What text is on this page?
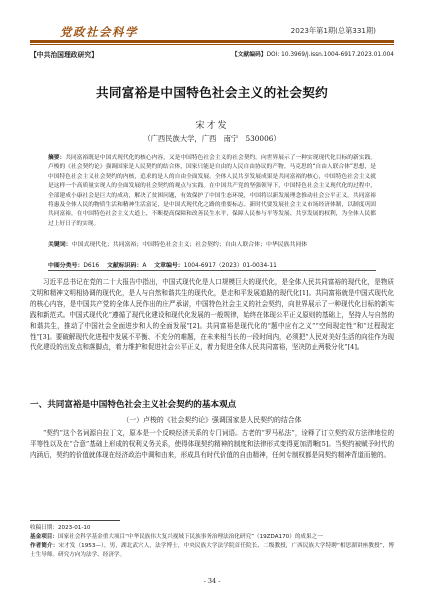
党政社会科学	2023年第1期(总第331期)
【中共治国理政研究】	【文献编码】DOI: 10.3969/j.issn.1004-6917.2023.01.004
共同富裕是中国特色社会主义的社会契约
宋才发
（广西民族大学，广西　南宁　530006）
摘要：共同富裕既是中国式现代化的核心内容，又是中国特色社会主义的社会契约。向世界展示了一种实现现代化目标的新实践。卢梭的《社会契约论》强调国家是人民契约的结合体，国家只能是自由的人民自由协议的产物。马克思的“自由人联合体”思想，是中国特色社会主义社会契约的内核，追求的是人的自由全面发展。全体人民共享发展成果是共同富裕的核心，中国特色社会主义就是这样一个高质量实现人的全面发展的社会契约的观点与实践。在中国共产党的坚强领导下，中国特色社会主义现代化的过程中，全部建成小康社会是巨大的成功，解决了贫困问题，有效保护了中国生态环境，中国将以新发展理念推动社会公平正义。共同富裕将惠及全体人民的物质生活和精神生活富足，是中国式现代化之路的重要标志。新时代要发展社会主义市场经济体制，以制度巩固共同富裕，在中国特色社会主义大道上，不断提高保障和改善民生水平，保障人民参与平等发展、共享发展的权利，为全体人民都过上好日子的实现。
关键词：中国式现代化；共同富裕；中国特色社会主义；社会契约；自由人联合体；中华民族共同体
中图分类号：D616 文献标识码：A 文章编号：1004-6917（2023）01-0034-11
习近平总书记在党的二十大报告中指出，中国式现代化是人口规模巨大的现代化，是全体人民共同富裕的现代化，是物质文明和精神文明相协调的现代化，是人与自然和谐共生的现代化，是走和平发展道路的现代化[1]。共同富裕就是中国式现代化的核心内容，是中国共产党的全体人民作出的庄严承诺，中国特色社会主义的社会契约，向世界展示了一种现代化目标的新实践和新范式。中国式现代化“遵循了现代化建设和现代化发展的一般规律，始终在体现公平正义原则的基础上，坚持人与自然的和谐共生，推动了中国社会全面进步和人的全面发展”[2]。共同富裕是现代化的“题中应有之义”“空间现定性”和“过程现定性”[3]。要破解现代化进程中发展不平衡、不充分的难题，在未来相当长的一段时间内，必须把“人民对美好生活的向往作为现代化建设的出发点和落脚点，着力维护和促进社会公平正义，着力促进全体人民共同富裕，坚决防止两极分化”[4]。
一、共同富裕是中国特色社会主义社会契约的基本观点
（一）卢梭的《社会契约论》强调国家是人民契约的结合体
“契约”这个名词源自拉丁文，原本是一个反映经济关系的专门词语。古老的“罗马私法”，诠释了订立契约双方法律地位的平等性以及在“合意”基础上形成的权利义务关系，使得体现契约精神的制度和法律形式变得更加清晰[5]。当契约被赋予时代的内涵后，契约的价值就体现在经济政治中调和由来，形成具有时代价值的自由精神，任何专制权都是同契约精神背道而驰的。

收稿日期：2023-01-10

基金项目：国家社会科学基金重大项目“中华民族伟大复兴视域下民族事务治理法治化研究”（19ZDA170）的成果之一

作者简介：宋才发（1953—），男，湖北武穴人，法学博士，中央民族大学法学院首任院长、二级教授，广西民族大学特聘“相思湖讲座教授”，博士生导师。研究方向为法学、经济学。

- 34 -
